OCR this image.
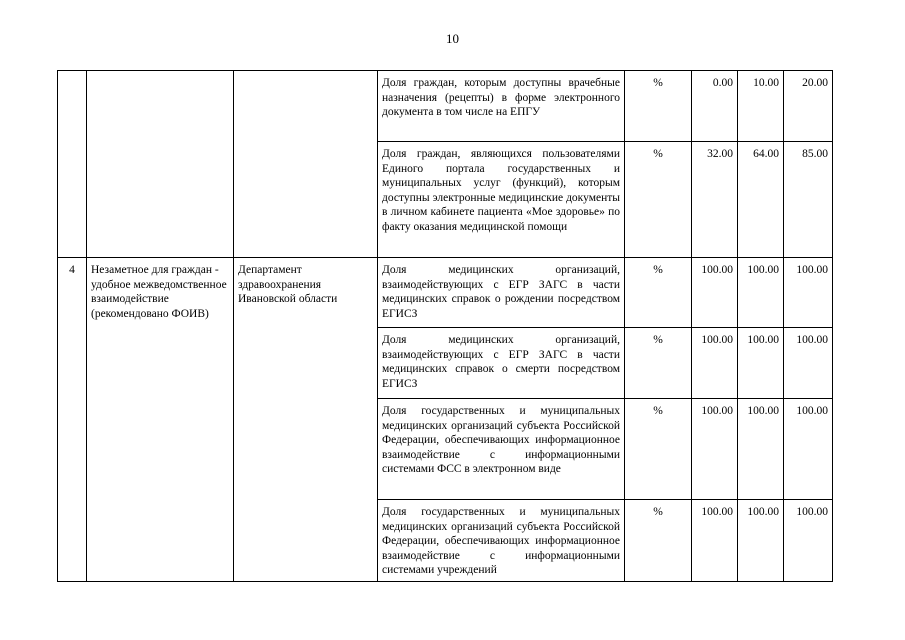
10
			Доля граждан, которым доступны врачебные назначения (рецепты) в форме электронного документа в том числе на ЕПГУ	%	0.00	10.00	20.00
			Доля граждан, являющихся пользователями Единого портала государственных и муниципальных услуг (функций), которым доступны электронные медицинские документы в личном кабинете пациента «Мое здоровье» по факту оказания медицинской помощи	%	32.00	64.00	85.00
4	Незаметное для граждан - удобное межведомственное взаимодействие (рекомендовано ФОИВ)	Департамент здравоохранения Ивановской области	Доля медицинских организаций, взаимодействующих с ЕГР ЗАГС в части медицинских справок о рождении посредством ЕГИСЗ	%	100.00	100.00	100.00
			Доля медицинских организаций, взаимодействующих с ЕГР ЗАГС в части медицинских справок о смерти посредством ЕГИСЗ	%	100.00	100.00	100.00
			Доля государственных и муниципальных медицинских организаций субъекта Российской Федерации, обеспечивающих информационное взаимодействие с информационными системами ФСС в электронном виде	%	100.00	100.00	100.00
			Доля государственных и муниципальных медицинских организаций субъекта Российской Федерации, обеспечивающих информационное взаимодействие с информационными системами учреждений	%	100.00	100.00	100.00
